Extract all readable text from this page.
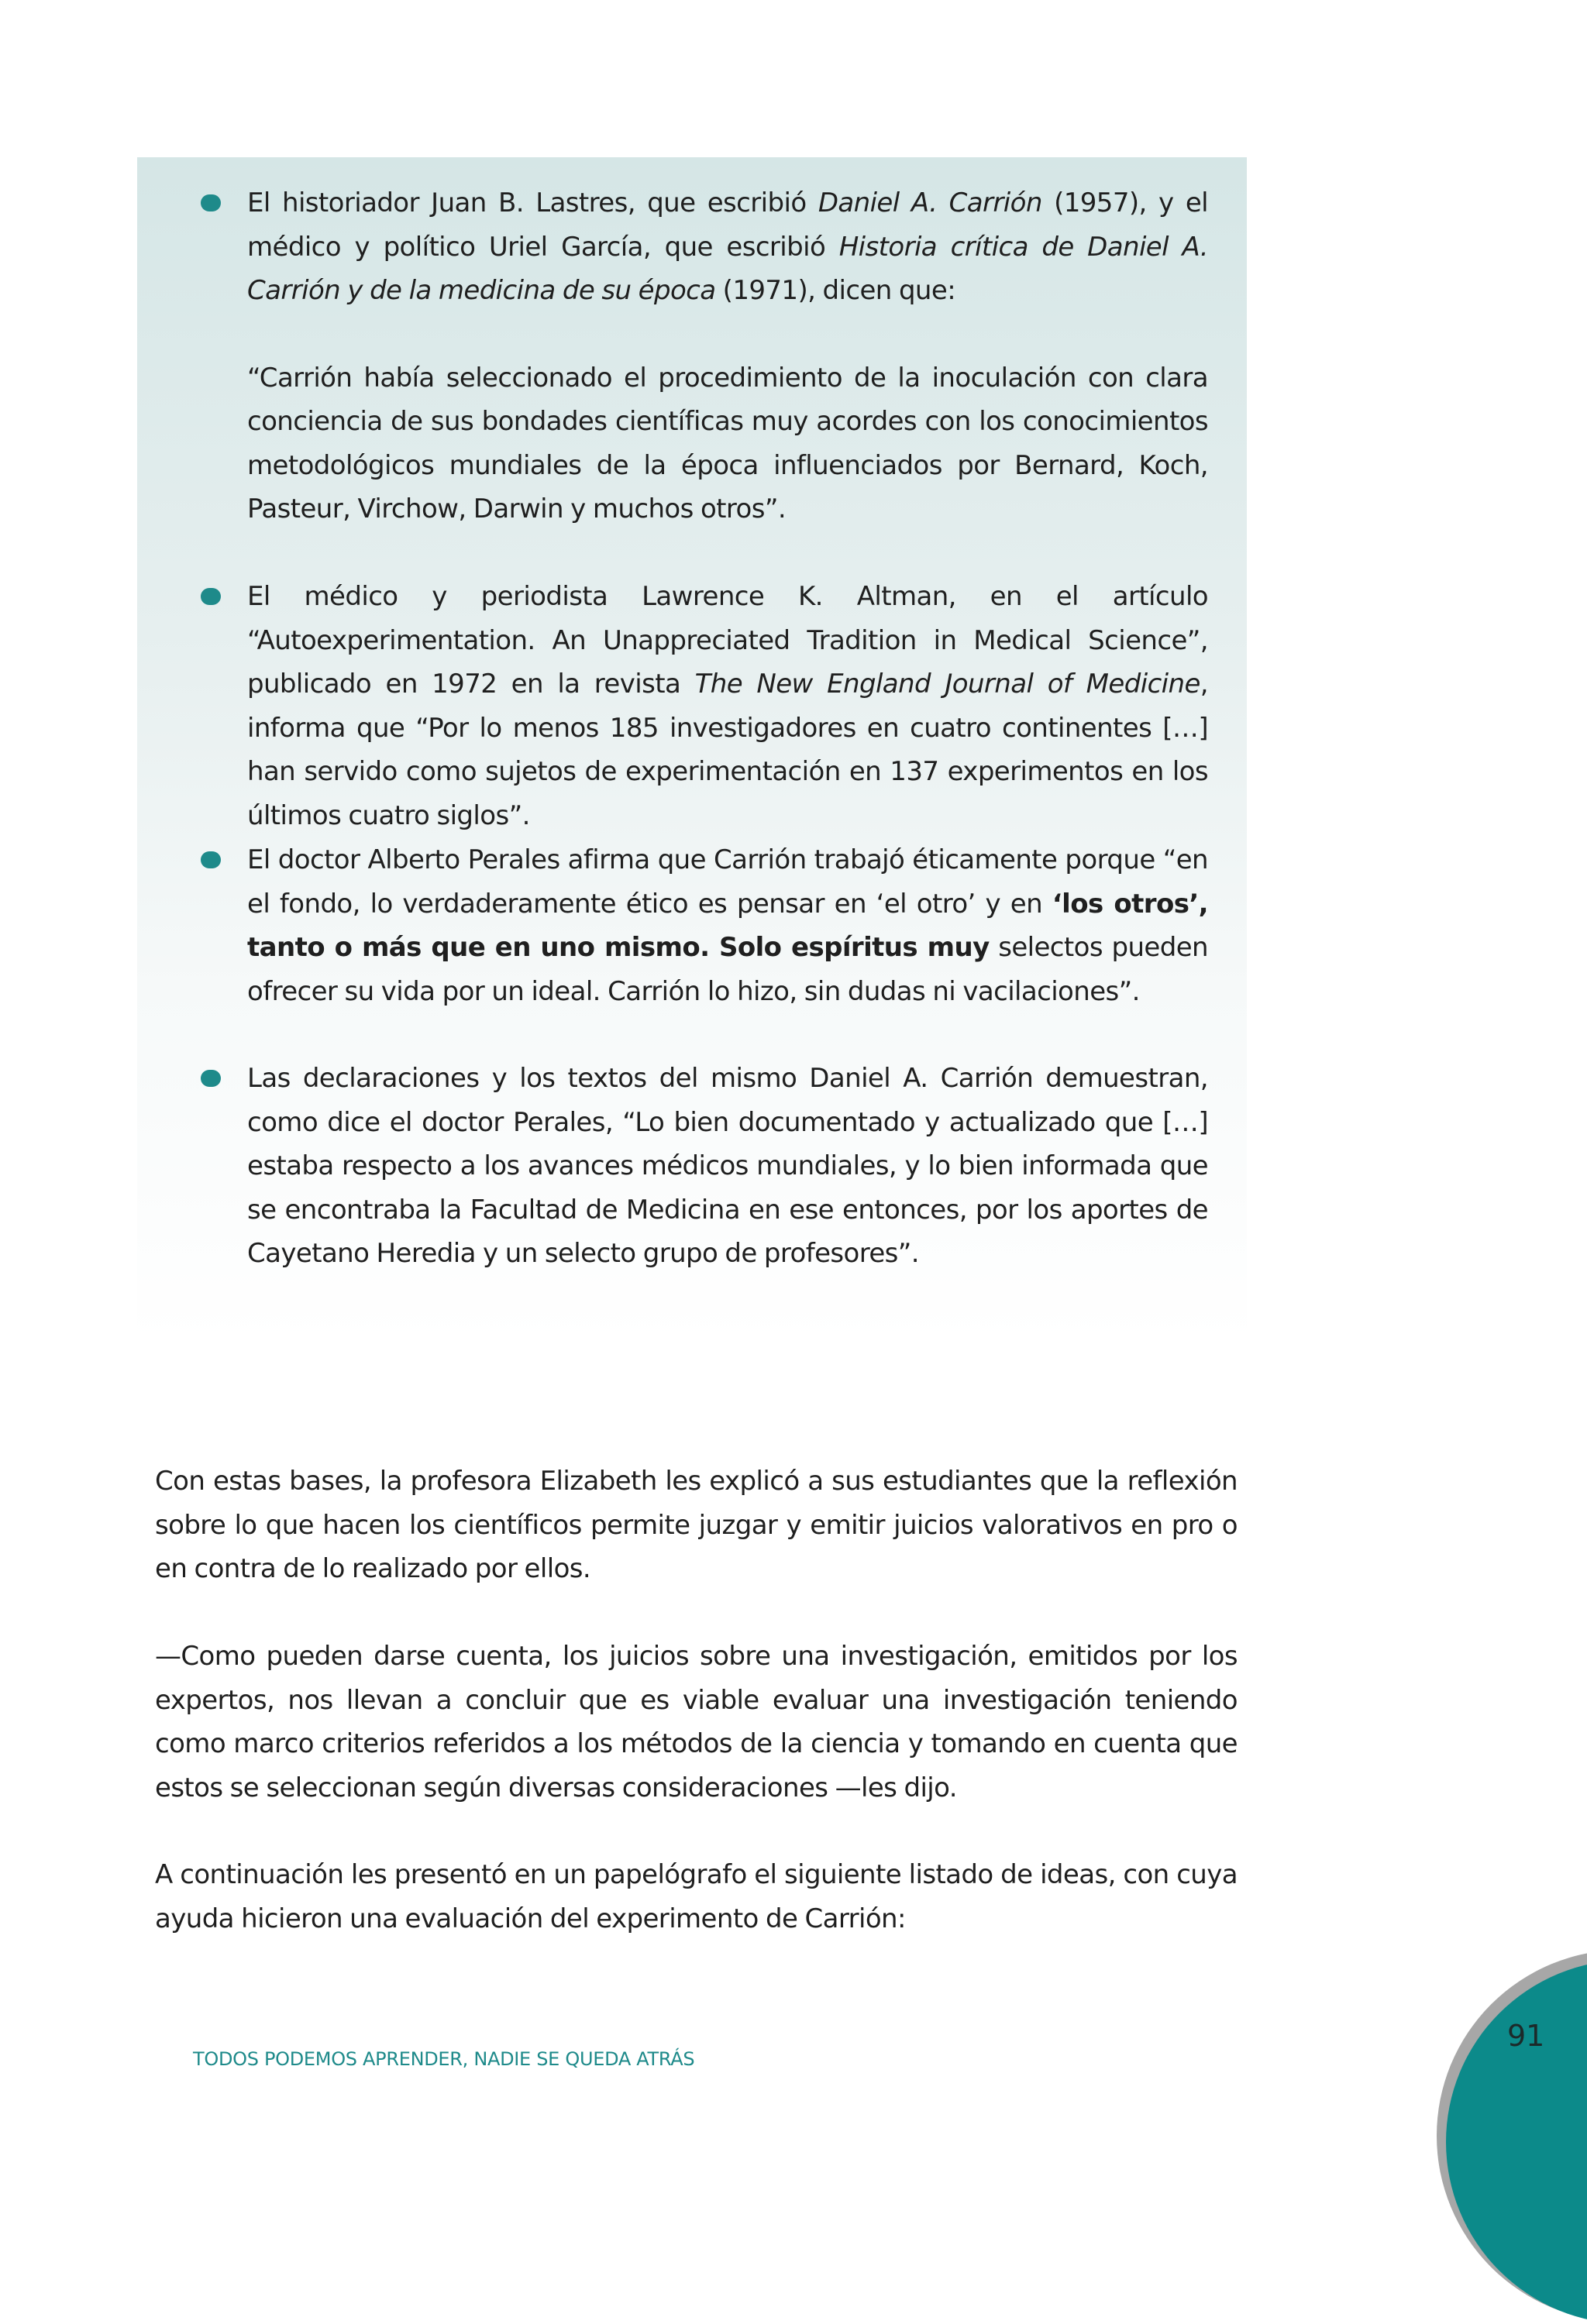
El historiador Juan B. Lastres, que escribió Daniel A. Carrión (1957), y el médico y político Uriel García, que escribió Historia crítica de Daniel A. Carrión y de la medicina de su época (1971), dicen que:

“Carrión había seleccionado el procedimiento de la inoculación con clara conciencia de sus bondades científicas muy acordes con los conocimientos metodológicos mundiales de la época influenciados por Bernard, Koch, Pasteur, Virchow, Darwin y muchos otros”.

El médico y periodista Lawrence K. Altman, en el artículo “Autoexperimentation. An Unappreciated Tradition in Medical Science”, publicado en 1972 en la revista The New England Journal of Medicine, informa que “Por lo menos 185 investigadores en cuatro continentes […] han servido como sujetos de experimentación en 137 experimentos en los últimos cuatro siglos”.

El doctor Alberto Perales afirma que Carrión trabajó éticamente porque “en el fondo, lo verdaderamente ético es pensar en ‘el otro’ y en ‘los otros’, tanto o más que en uno mismo. Solo espíritus muy selectos pueden ofrecer su vida por un ideal. Carrión lo hizo, sin dudas ni vacilaciones”.

Las declaraciones y los textos del mismo Daniel A. Carrión demuestran, como dice el doctor Perales, “Lo bien documentado y actualizado que […] estaba respecto a los avances médicos mundiales, y lo bien informada que se encontraba la Facultad de Medicina en ese entonces, por los aportes de Cayetano Heredia y un selecto grupo de profesores”.

Con estas bases, la profesora Elizabeth les explicó a sus estudiantes que la reflexión sobre lo que hacen los científicos permite juzgar y emitir juicios valorativos en pro o en contra de lo realizado por ellos.

—Como pueden darse cuenta, los juicios sobre una investigación, emitidos por los expertos, nos llevan a concluir que es viable evaluar una investigación teniendo como marco criterios referidos a los métodos de la ciencia y tomando en cuenta que estos se seleccionan según diversas consideraciones —les dijo.

A continuación les presentó en un papelógrafo el siguiente listado de ideas, con cuya ayuda hicieron una evaluación del experimento de Carrión:

TODOS PODEMOS APRENDER, NADIE SE QUEDA ATRÁS
91
